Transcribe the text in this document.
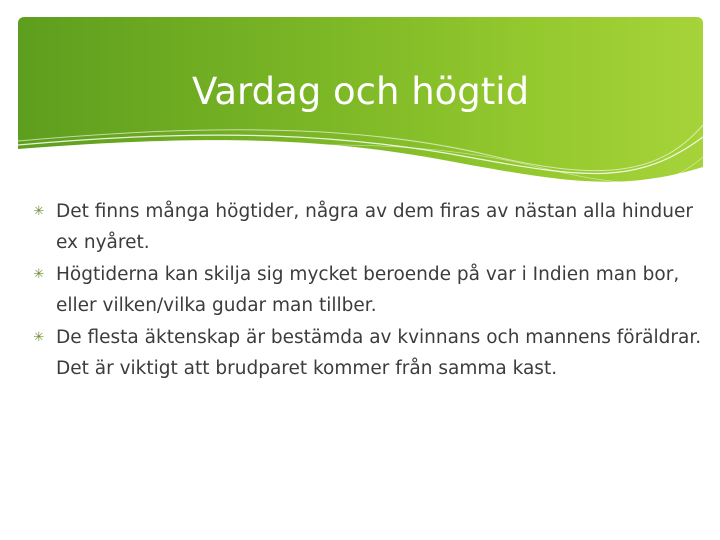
Vardag och högtid
✳ Det finns många högtider, några av dem firas av nästan alla hinduer ex nyåret.
✳ Högtiderna kan skilja sig mycket beroende på var i Indien man bor, eller vilken/vilka gudar man tillber.
✳ De flesta äktenskap är bestämda av kvinnans och mannens föräldrar. Det är viktigt att brudparet kommer från samma kast.
